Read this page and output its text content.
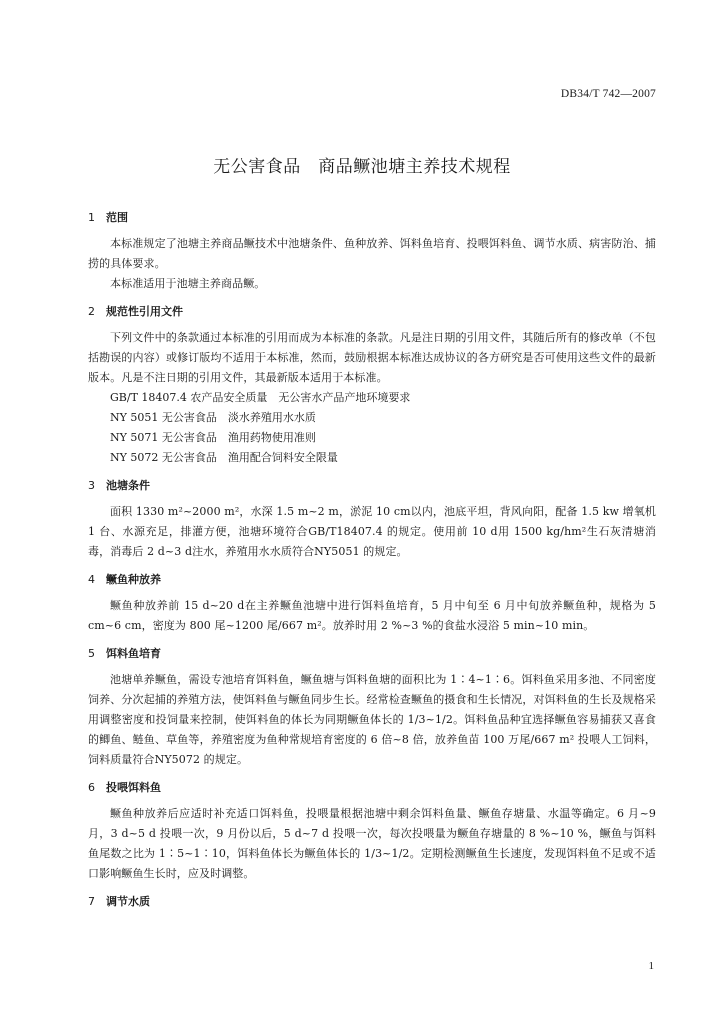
DB34/T 742—2007
无公害食品　商品鳜池塘主养技术规程
1 范围

本标准规定了池塘主养商品鳜技术中池塘条件、鱼种放养、饵料鱼培育、投喂饵料鱼、调节水质、病害防治、捕捞的具体要求。

本标准适用于池塘主养商品鳜。

2 规范性引用文件

下列文件中的条款通过本标准的引用而成为本标准的条款。凡是注日期的引用文件，其随后所有的修改单（不包括勘误的内容）或修订版均不适用于本标准，然而，鼓励根据本标准达成协议的各方研究是否可使用这些文件的最新版本。凡是不注日期的引用文件，其最新版本适用于本标准。

GB/T 18407.4 农产品安全质量　无公害水产品产地环境要求

NY 5051 无公害食品　淡水养殖用水水质

NY 5071 无公害食品　渔用药物使用准则

NY 5072 无公害食品　渔用配合饲料安全限量

3 池塘条件

面积 1330 m²~2000 m²，水深 1.5 m~2 m，淤泥 10 cm以内，池底平坦，背风向阳，配备 1.5 kw 增氧机 1 台、水源充足，排灌方便，池塘环境符合GB/T18407.4 的规定。使用前 10 d用 1500 kg/hm²生石灰清塘消毒，消毒后 2 d~3 d注水，养殖用水水质符合NY5051 的规定。

4 鳜鱼种放养

鳜鱼种放养前 15 d~20 d在主养鳜鱼池塘中进行饵料鱼培育，5 月中旬至 6 月中旬放养鳜鱼种，规格为 5 cm~6 cm，密度为 800 尾~1200 尾/667 m²。放养时用 2 %~3 %的食盐水浸浴 5 min~10 min。

5 饵料鱼培育

池塘单养鳜鱼，需设专池培育饵料鱼，鳜鱼塘与饵料鱼塘的面积比为 1∶4~1∶6。饵料鱼采用多池、不同密度饲养、分次起捕的养殖方法，使饵料鱼与鳜鱼同步生长。经常检查鳜鱼的摄食和生长情况，对饵料鱼的生长及规格采用调整密度和投饲量来控制，使饵料鱼的体长为同期鳜鱼体长的 1/3~1/2。饵料鱼品种宜选择鳜鱼容易捕获又喜食的鲫鱼、鲢鱼、草鱼等，养殖密度为鱼种常规培育密度的 6 倍~8 倍，放养鱼苗 100 万尾/667 m² 投喂人工饲料，饲料质量符合NY5072 的规定。

6 投喂饵料鱼

鳜鱼种放养后应适时补充适口饵料鱼，投喂量根据池塘中剩余饵料鱼量、鳜鱼存塘量、水温等确定。6 月~9 月，3 d~5 d 投喂一次，9 月份以后，5 d~7 d 投喂一次，每次投喂量为鳜鱼存塘量的 8 %~10 %，鳜鱼与饵料鱼尾数之比为 1∶5~1∶10，饵料鱼体长为鳜鱼体长的 1/3~1/2。定期检测鳜鱼生长速度，发现饵料鱼不足或不适口影响鳜鱼生长时，应及时调整。

7 调节水质
1
